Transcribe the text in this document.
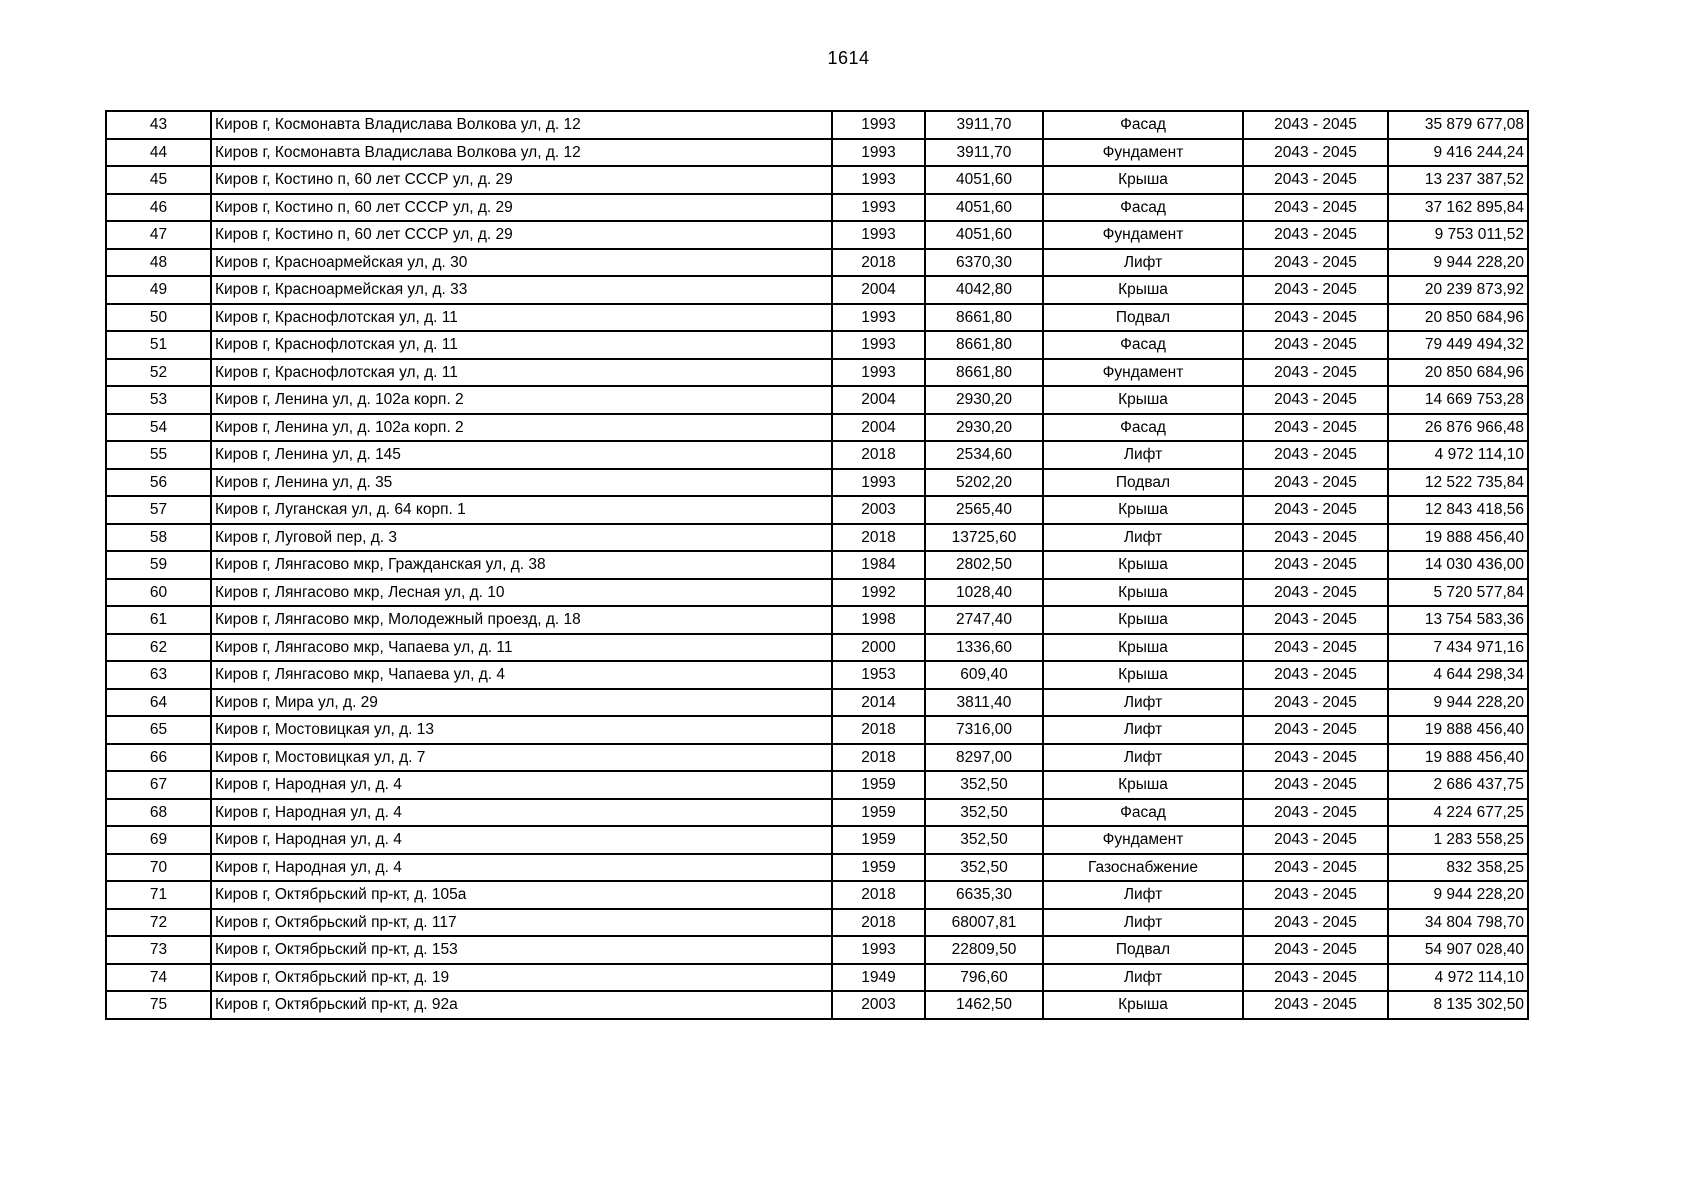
1614
43	Киров г, Космонавта Владислава Волкова ул, д. 12	1993	3911,70	Фасад	2043 - 2045	35 879 677,08
44	Киров г, Космонавта Владислава Волкова ул, д. 12	1993	3911,70	Фундамент	2043 - 2045	9 416 244,24
45	Киров г, Костино п, 60 лет СССР ул, д. 29	1993	4051,60	Крыша	2043 - 2045	13 237 387,52
46	Киров г, Костино п, 60 лет СССР ул, д. 29	1993	4051,60	Фасад	2043 - 2045	37 162 895,84
47	Киров г, Костино п, 60 лет СССР ул, д. 29	1993	4051,60	Фундамент	2043 - 2045	9 753 011,52
48	Киров г, Красноармейская ул, д. 30	2018	6370,30	Лифт	2043 - 2045	9 944 228,20
49	Киров г, Красноармейская ул, д. 33	2004	4042,80	Крыша	2043 - 2045	20 239 873,92
50	Киров г, Краснофлотская ул, д. 11	1993	8661,80	Подвал	2043 - 2045	20 850 684,96
51	Киров г, Краснофлотская ул, д. 11	1993	8661,80	Фасад	2043 - 2045	79 449 494,32
52	Киров г, Краснофлотская ул, д. 11	1993	8661,80	Фундамент	2043 - 2045	20 850 684,96
53	Киров г, Ленина ул, д. 102а корп. 2	2004	2930,20	Крыша	2043 - 2045	14 669 753,28
54	Киров г, Ленина ул, д. 102а корп. 2	2004	2930,20	Фасад	2043 - 2045	26 876 966,48
55	Киров г, Ленина ул, д. 145	2018	2534,60	Лифт	2043 - 2045	4 972 114,10
56	Киров г, Ленина ул, д. 35	1993	5202,20	Подвал	2043 - 2045	12 522 735,84
57	Киров г, Луганская ул, д. 64 корп. 1	2003	2565,40	Крыша	2043 - 2045	12 843 418,56
58	Киров г, Луговой пер, д. 3	2018	13725,60	Лифт	2043 - 2045	19 888 456,40
59	Киров г, Лянгасово мкр, Гражданская ул, д. 38	1984	2802,50	Крыша	2043 - 2045	14 030 436,00
60	Киров г, Лянгасово мкр, Лесная ул, д. 10	1992	1028,40	Крыша	2043 - 2045	5 720 577,84
61	Киров г, Лянгасово мкр, Молодежный проезд, д. 18	1998	2747,40	Крыша	2043 - 2045	13 754 583,36
62	Киров г, Лянгасово мкр, Чапаева ул, д. 11	2000	1336,60	Крыша	2043 - 2045	7 434 971,16
63	Киров г, Лянгасово мкр, Чапаева ул, д. 4	1953	609,40	Крыша	2043 - 2045	4 644 298,34
64	Киров г, Мира ул, д. 29	2014	3811,40	Лифт	2043 - 2045	9 944 228,20
65	Киров г, Мостовицкая ул, д. 13	2018	7316,00	Лифт	2043 - 2045	19 888 456,40
66	Киров г, Мостовицкая ул, д. 7	2018	8297,00	Лифт	2043 - 2045	19 888 456,40
67	Киров г, Народная ул, д. 4	1959	352,50	Крыша	2043 - 2045	2 686 437,75
68	Киров г, Народная ул, д. 4	1959	352,50	Фасад	2043 - 2045	4 224 677,25
69	Киров г, Народная ул, д. 4	1959	352,50	Фундамент	2043 - 2045	1 283 558,25
70	Киров г, Народная ул, д. 4	1959	352,50	Газоснабжение	2043 - 2045	832 358,25
71	Киров г, Октябрьский пр-кт, д. 105а	2018	6635,30	Лифт	2043 - 2045	9 944 228,20
72	Киров г, Октябрьский пр-кт, д. 117	2018	68007,81	Лифт	2043 - 2045	34 804 798,70
73	Киров г, Октябрьский пр-кт, д. 153	1993	22809,50	Подвал	2043 - 2045	54 907 028,40
74	Киров г, Октябрьский пр-кт, д. 19	1949	796,60	Лифт	2043 - 2045	4 972 114,10
75	Киров г, Октябрьский пр-кт, д. 92а	2003	1462,50	Крыша	2043 - 2045	8 135 302,50
